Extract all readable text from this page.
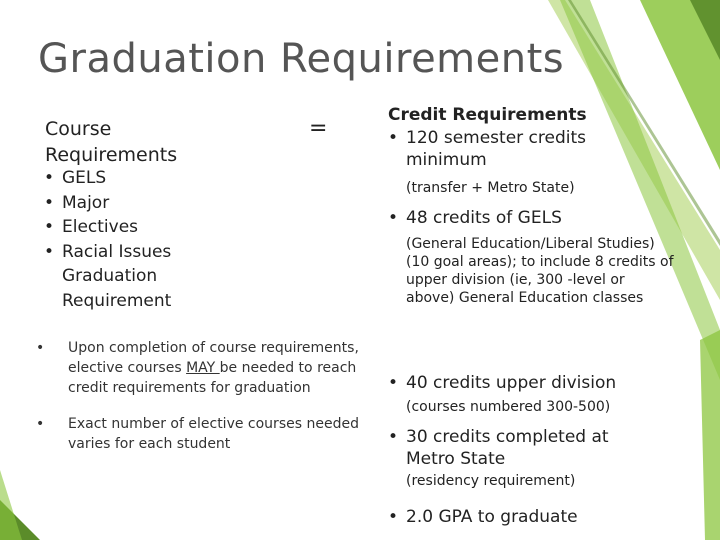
Graduation Requirements
Course
Requirements
=
• GELS
• Major
• Electives
• Racial Issues
Graduation
Requirement
•	Upon completion of course requirements, elective courses MAY be needed to reach credit requirements for graduation
•	Exact number of elective courses needed varies for each student
Credit Requirements
• 120 semester credits minimum
(transfer + Metro State)
• 48 credits of GELS
(General Education/Liberal Studies) (10 goal areas); to include 8 credits of upper division (ie, 300 -level or above) General Education classes
• 40 credits upper division
(courses numbered 300-500)
• 30 credits completed at Metro State
(residency requirement)
• 2.0 GPA to graduate
